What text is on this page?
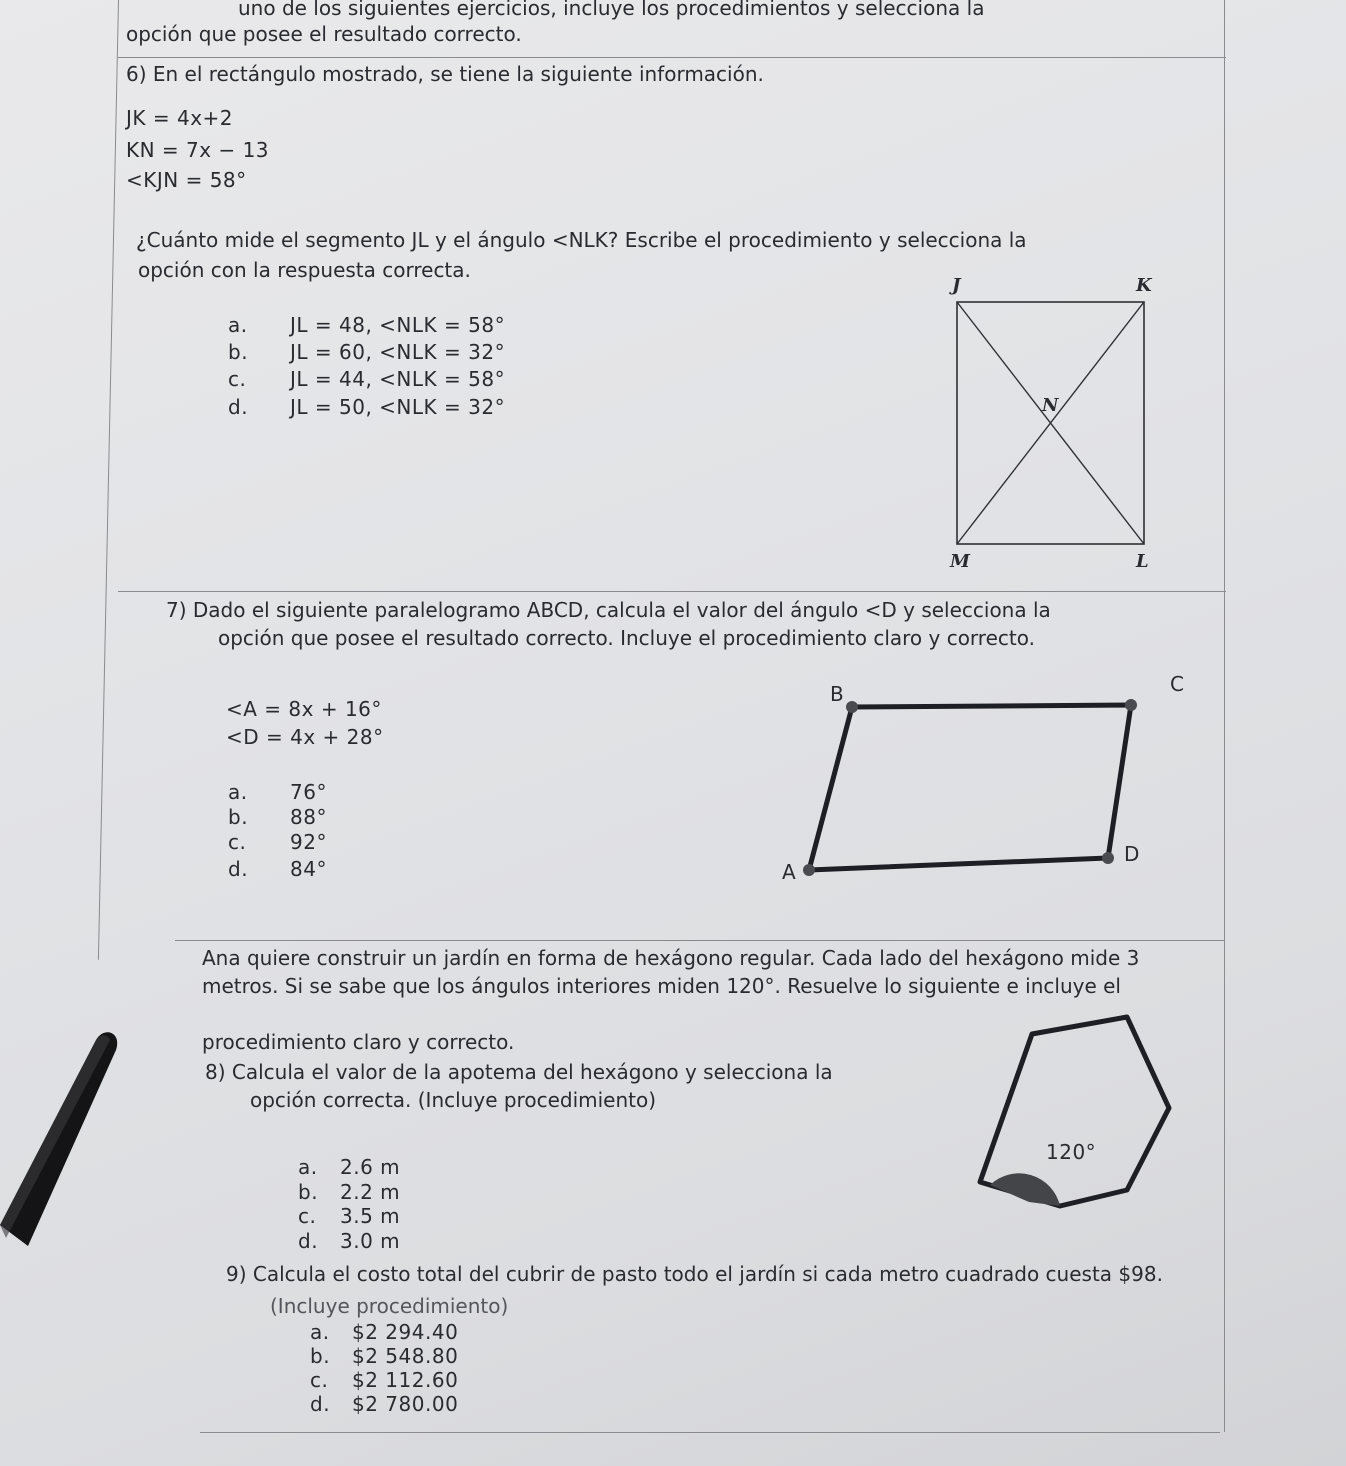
uno de los siguientes ejercicios, incluye los procedimientos y selecciona la
opción que posee el resultado correcto.
6) En el rectángulo mostrado, se tiene la siguiente información.
JK = 4x+2
KN = 7x − 13
<KJN = 58°
¿Cuánto mide el segmento JL y el ángulo <NLK? Escribe el procedimiento y selecciona la
opción con la respuesta correcta.
a. JL = 48, <NLK = 58°
b. JL = 60, <NLK = 32°
c. JL = 44, <NLK = 58°
d. JL = 50, <NLK = 32°
J	K
N
M	L
7) Dado el siguiente paralelogramo ABCD, calcula el valor del ángulo <D y selecciona la
opción que posee el resultado correcto. Incluye el procedimiento claro y correcto.
<A = 8x + 16°
<D = 4x + 28°
a. 76°
b. 88°
c. 92°
d. 84°	A
B	C
D
Ana quiere construir un jardín en forma de hexágono regular. Cada lado del hexágono mide 3
metros. Si se sabe que los ángulos interiores miden 120°. Resuelve lo siguiente e incluye el
procedimiento claro y correcto.
120°
8) Calcula el valor de la apotema del hexágono y selecciona la
opción correcta. (Incluye procedimiento)
a. 2.6 m
b. 2.2 m
c. 3.5 m
d. 3.0 m
9) Calcula el costo total del cubrir de pasto todo el jardín si cada metro cuadrado cuesta $98.
(Incluye procedimiento)
a. $2 294.40
b. $2 548.80
c. $2 112.60
d. $2 780.00
